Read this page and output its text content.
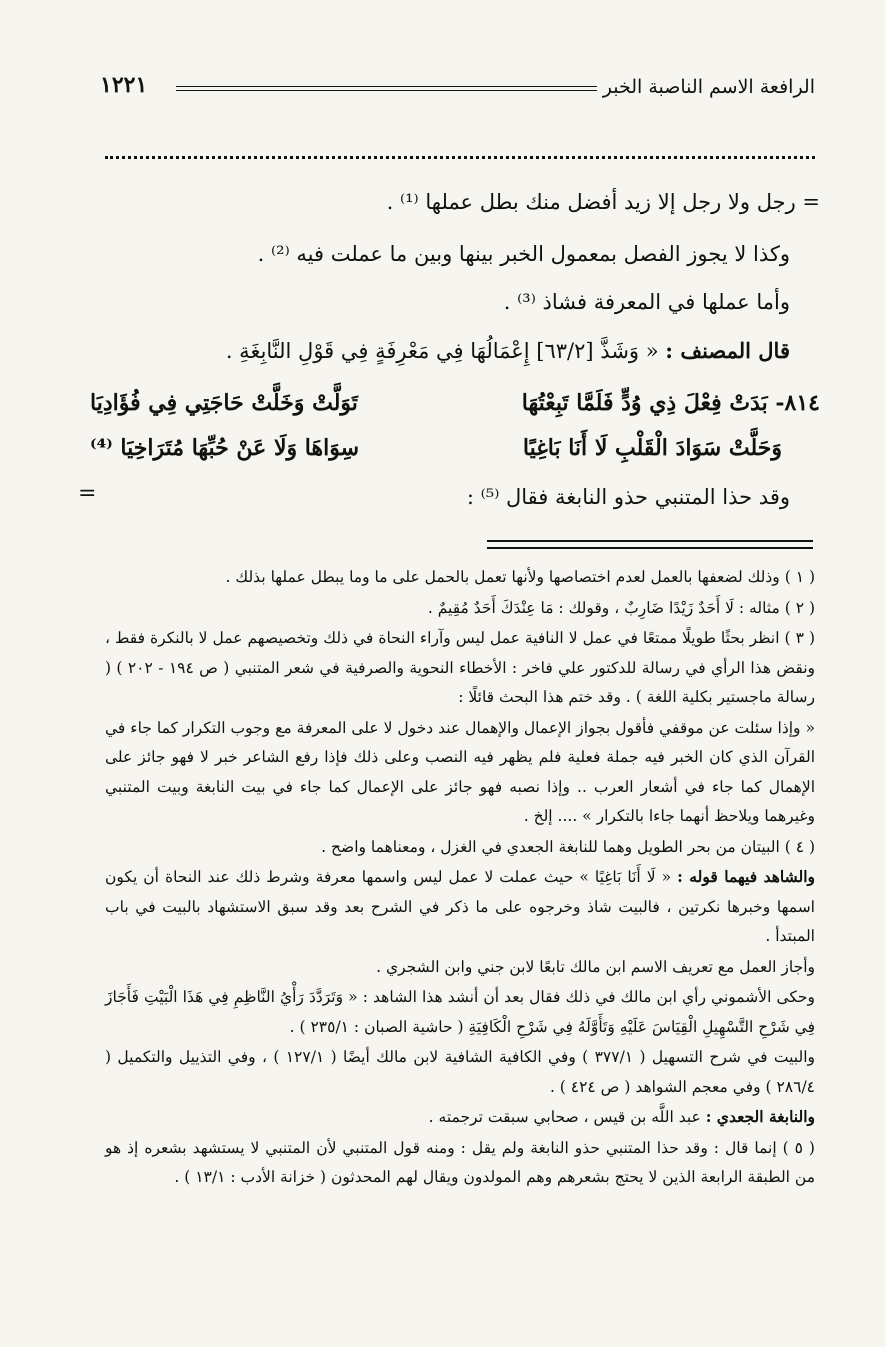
الرافعة الاسم الناصبة الخبر
١٢٢١
= رجل ولا رجل إلا زيد أفضل منك بطل عملها ⁽¹⁾ .
وكذا لا يجوز الفصل بمعمول الخبر بينها وبين ما عملت فيه ⁽²⁾ .
وأما عملها في المعرفة فشاذ ⁽³⁾ .
قال المصنف : « وَشَذَّ [٦٣/٢] إِعْمَالُهَا فِي مَعْرِفَةٍ فِي قَوْلِ النَّابِغَةِ .
٨١٤- بَدَتْ فِعْلَ ذِي وُدٍّ فَلَمَّا تَبِعْتُهَا
تَوَلَّتْ وَخَلَّتْ حَاجَتِي فِي فُؤَادِيَا
وَحَلَّتْ سَوَادَ الْقَلْبِ لَا أَنَا بَاغِيًا
سِوَاهَا وَلَا عَنْ حُبِّهَا مُتَرَاخِيَا ⁽⁴⁾
وقد حذا المتنبي حذو النابغة فقال ⁽⁵⁾ :
=

( ١ ) وذلك لضعفها بالعمل لعدم اختصاصها ولأنها تعمل بالحمل على ما وما يبطل عملها بذلك .

( ٢ ) مثاله : لَا أَحَدٌ زَيْدًا ضَارِبٌ ، وقولك : مَا عِنْدَكَ أَحَدٌ مُقِيمٌ .

( ٣ ) انظر بحثًا طويلًا ممتعًا في عمل لا النافية عمل ليس وآراء النحاة في ذلك وتخصيصهم عمل لا بالنكرة فقط ، ونقض هذا الرأي في رسالة للدكتور علي فاخر : الأخطاء النحوية والصرفية في شعر المتنبي ( ص ١٩٤ - ٢٠٢ ) ( رسالة ماجستير بكلية اللغة ) . وقد ختم هذا البحث قائلًا :

« وإذا سئلت عن موقفي فأقول بجواز الإعمال والإهمال عند دخول لا على المعرفة مع وجوب التكرار كما جاء في القرآن الذي كان الخبر فيه جملة فعلية فلم يظهر فيه النصب وعلى ذلك فإذا رفع الشاعر خبر لا فهو جائز على الإهمال كما جاء في أشعار العرب .. وإذا نصبه فهو جائز على الإعمال كما جاء في بيت النابغة وبيت المتنبي وغيرهما ويلاحظ أنهما جاءا بالتكرار » .... إلخ .

( ٤ ) البيتان من بحر الطويل وهما للنابغة الجعدي في الغزل ، ومعناهما واضح .

والشاهد فيهما قوله : « لَا أَنَا بَاغِيًا » حيث عملت لا عمل ليس واسمها معرفة وشرط ذلك عند النحاة أن يكون اسمها وخبرها نكرتين ، فالبيت شاذ وخرجوه على ما ذكر في الشرح بعد وقد سبق الاستشهاد بالبيت في باب المبتدأ .

وأجاز العمل مع تعريف الاسم ابن مالك تابعًا لابن جني وابن الشجري .

وحكى الأشموني رأي ابن مالك في ذلك فقال بعد أن أنشد هذا الشاهد : « وَتَرَدَّدَ رَأْيُ النَّاظِمِ فِي هَذَا الْبَيْتِ فَأَجَازَ فِي شَرْحِ التَّسْهِيلِ الْقِيَاسَ عَلَيْهِ وَتَأَوَّلَهُ فِي شَرْحِ الْكَافِيَةِ ( حاشية الصبان : ٢٣٥/١ ) .

والبيت في شرح التسهيل ( ٣٧٧/١ ) وفي الكافية الشافية لابن مالك أيضًا ( ١٢٧/١ ) ، وفي التذييل والتكميل ( ٢٨٦/٤ ) وفي معجم الشواهد ( ص ٤٢٤ ) .

والنابغة الجعدي : عبد اللَّه بن قيس ، صحابي سبقت ترجمته .

( ٥ ) إنما قال : وقد حذا المتنبي حذو النابغة ولم يقل : ومنه قول المتنبي لأن المتنبي لا يستشهد بشعره إذ هو من الطبقة الرابعة الذين لا يحتج بشعرهم وهم المولدون ويقال لهم المحدثون ( خزانة الأدب : ١٣/١ ) .
